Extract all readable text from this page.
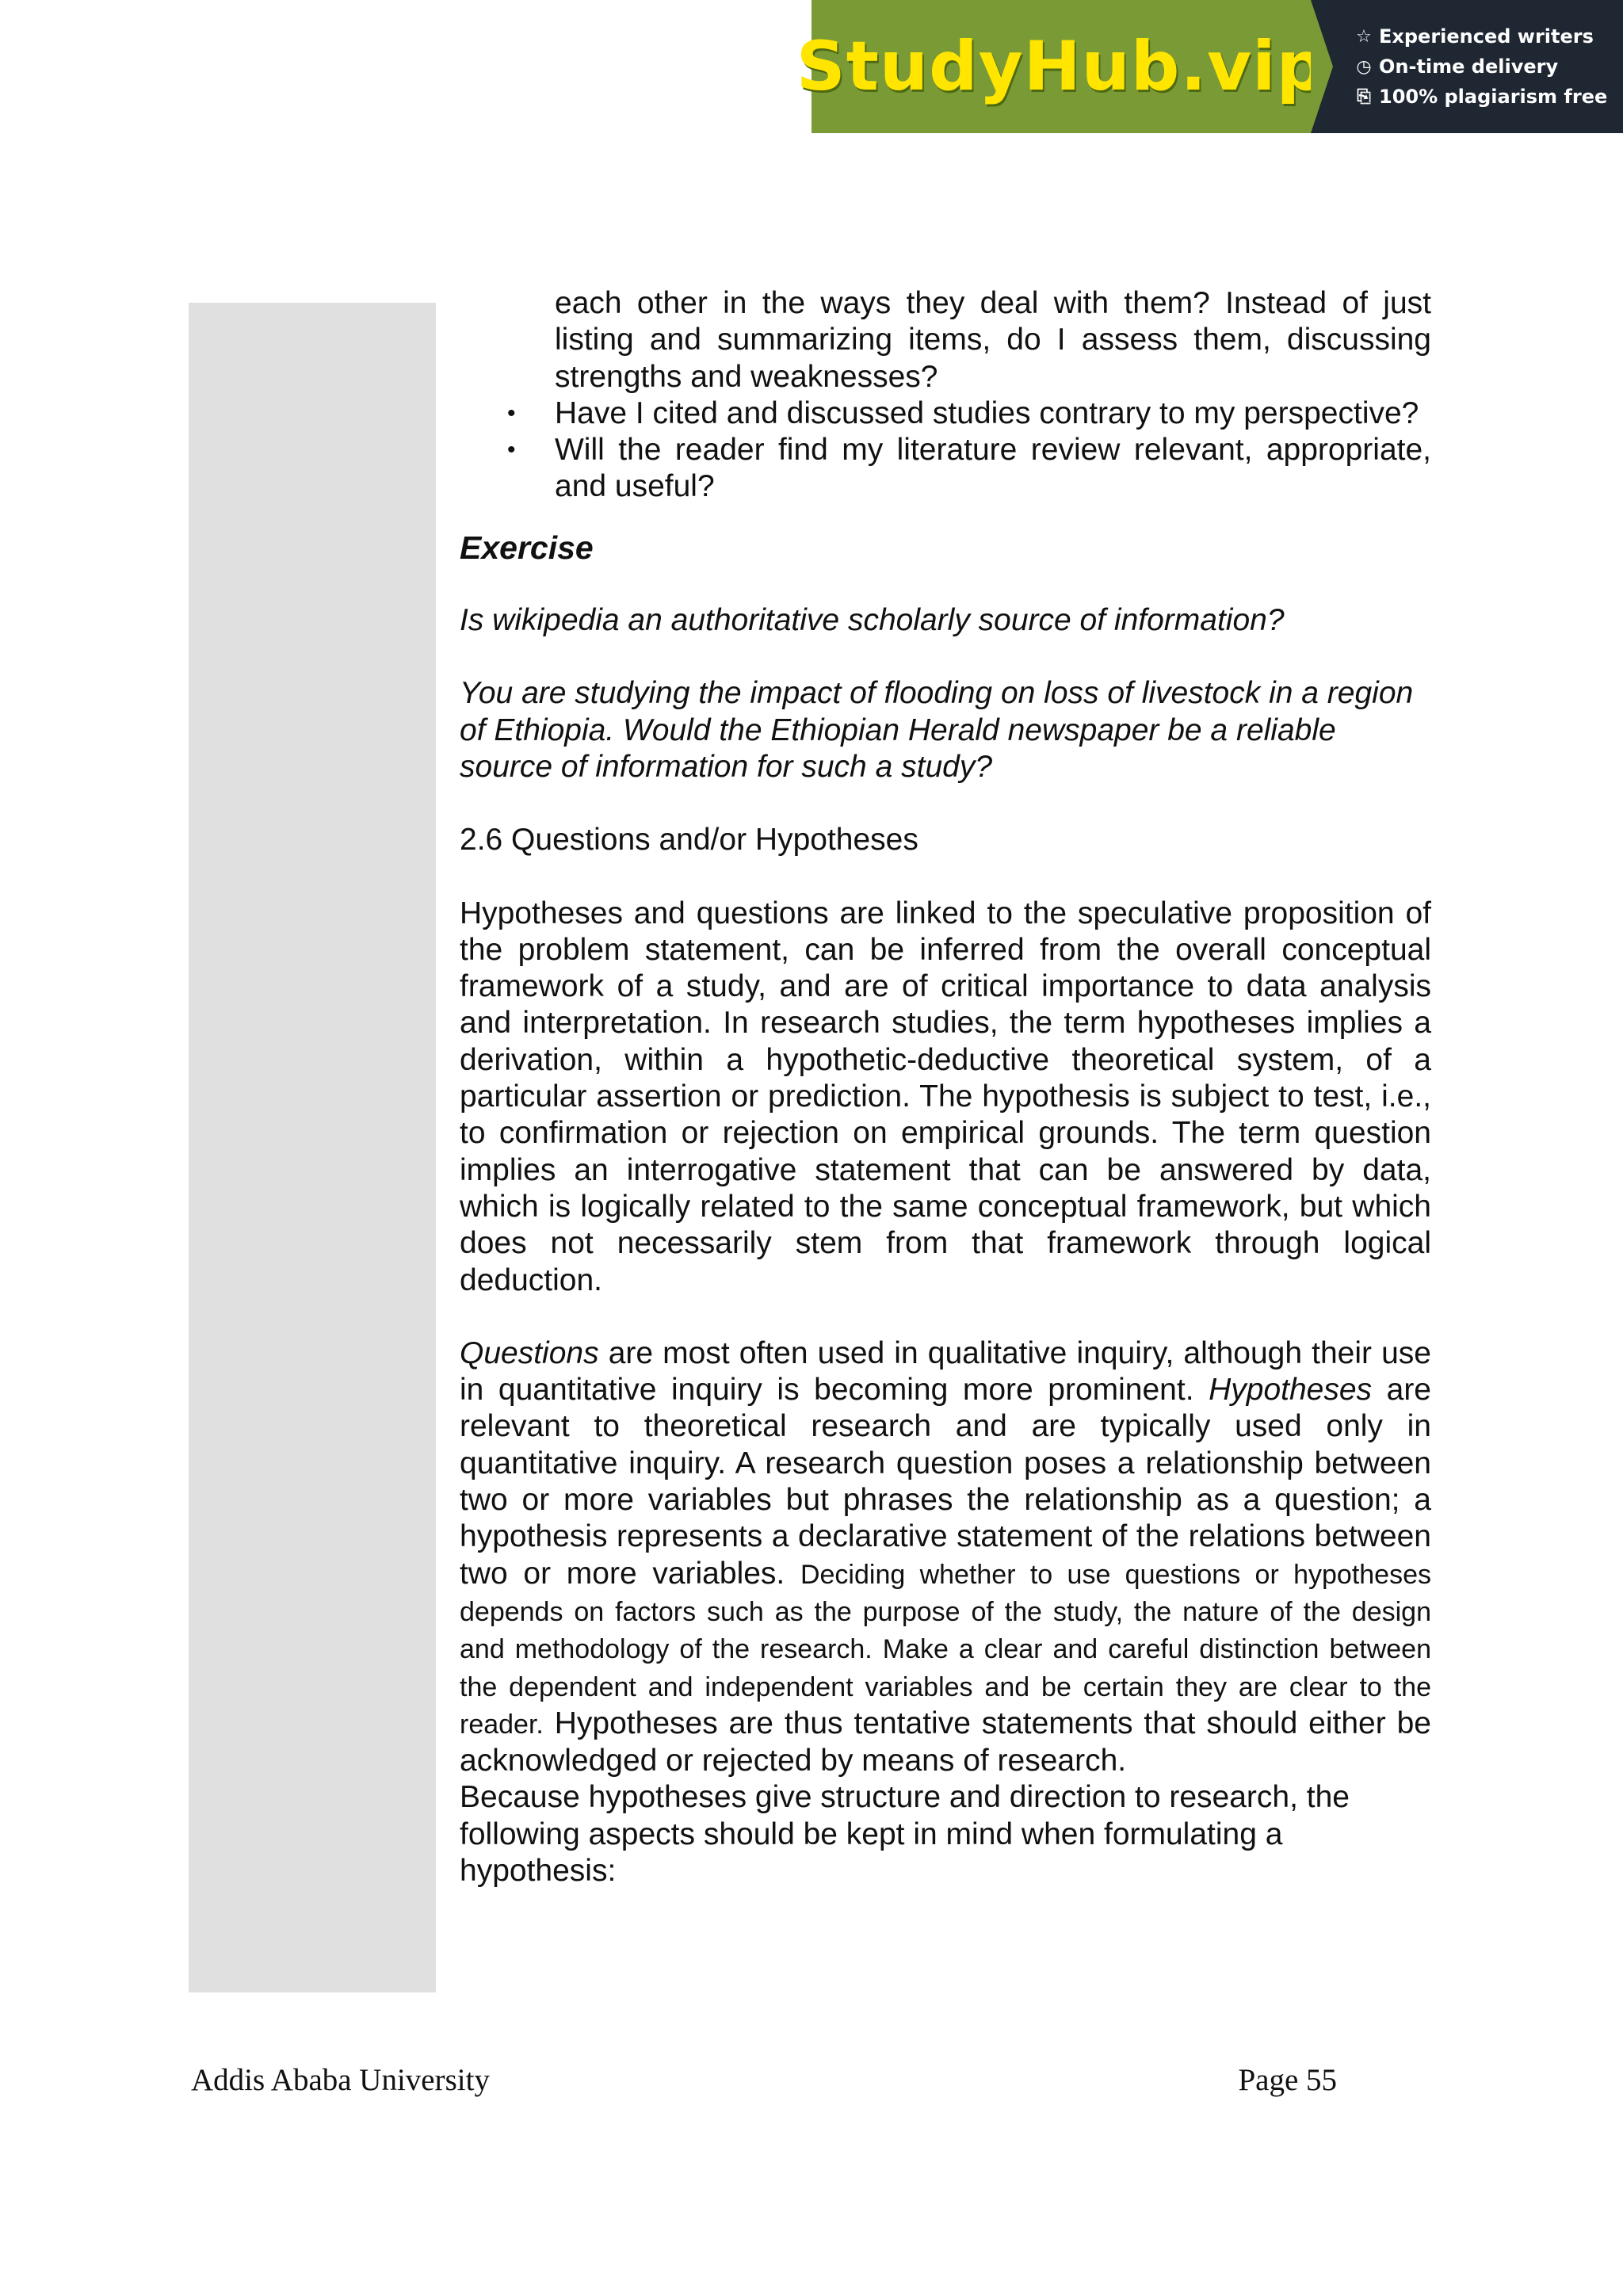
StudyHub.vip ☆ Experienced writers
◷ On-time delivery
⎘ 100% plagiarism free

each other in the ways they deal with them? Instead of just listing and summarizing items, do I assess them, discussing strengths and weaknesses?

• Have I cited and discussed studies contrary to my perspective?
• Will the reader find my literature review relevant, appropriate, and useful?

Exercise

Is wikipedia an authoritative scholarly source of information?

You are studying the impact of flooding on loss of livestock in a region of Ethiopia. Would the Ethiopian Herald newspaper be a reliable source of information for such a study?

2.6 Questions and/or Hypotheses

Hypotheses and questions are linked to the speculative proposition of the problem statement, can be inferred from the overall conceptual framework of a study, and are of critical importance to data analysis and interpretation. In research studies, the term hypotheses implies a derivation, within a hypothetic-deductive theoretical system, of a particular assertion or prediction. The hypothesis is subject to test, i.e., to confirmation or rejection on empirical grounds. The term question implies an interrogative statement that can be answered by data, which is logically related to the same conceptual framework, but which does not necessarily stem from that framework through logical deduction.

Questions are most often used in qualitative inquiry, although their use in quantitative inquiry is becoming more prominent. Hypotheses are relevant to theoretical research and are typically used only in quantitative inquiry. A research question poses a relationship between two or more variables but phrases the relationship as a question; a hypothesis represents a declarative statement of the relations between two or more variables. Deciding whether to use questions or hypotheses depends on factors such as the purpose of the study, the nature of the design and methodology of the research. Make a clear and careful distinction between the dependent and independent variables and be certain they are clear to the reader. Hypotheses are thus tentative statements that should either be acknowledged or rejected by means of research.

Because hypotheses give structure and direction to research, the following aspects should be kept in mind when formulating a hypothesis:

Addis Ababa University	Page 55
